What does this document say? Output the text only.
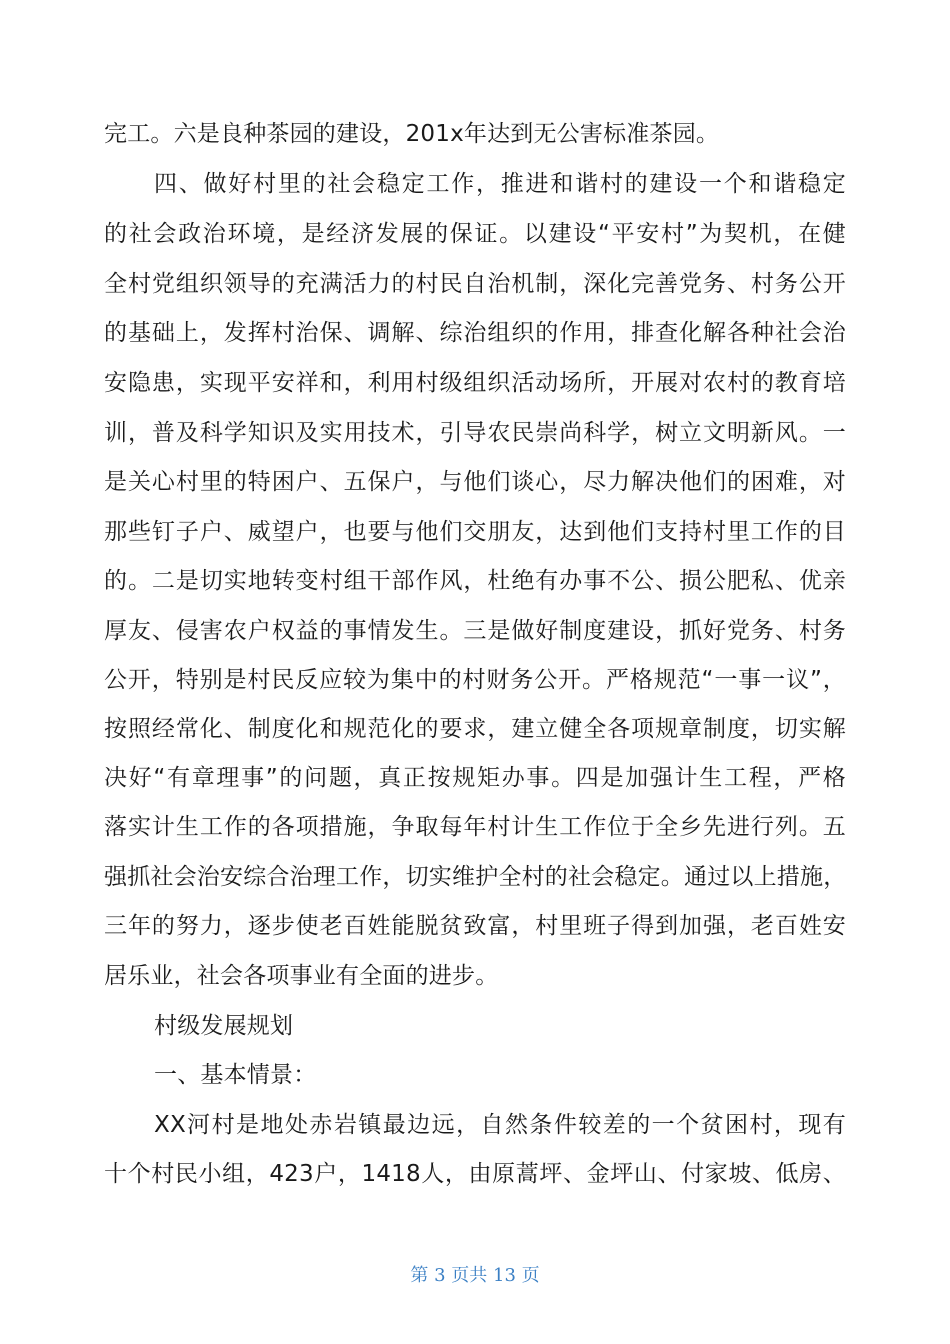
完工。六是良种茶园的建设，201x年达到无公害标准茶园。
四、做好村里的社会稳定工作，推进和谐村的建设一个和谐稳定
的社会政治环境，是经济发展的保证。以建设“平安村”为契机，在健
全村党组织领导的充满活力的村民自治机制，深化完善党务、村务公开
的基础上，发挥村治保、调解、综治组织的作用，排查化解各种社会治
安隐患，实现平安祥和，利用村级组织活动场所，开展对农村的教育培
训，普及科学知识及实用技术，引导农民崇尚科学，树立文明新风。一
是关心村里的特困户、五保户，与他们谈心，尽力解决他们的困难，对
那些钉子户、威望户，也要与他们交朋友，达到他们支持村里工作的目
的。二是切实地转变村组干部作风，杜绝有办事不公、损公肥私、优亲
厚友、侵害农户权益的事情发生。三是做好制度建设，抓好党务、村务
公开，特别是村民反应较为集中的村财务公开。严格规范“一事一议”，
按照经常化、制度化和规范化的要求，建立健全各项规章制度，切实解
决好“有章理事”的问题，真正按规矩办事。四是加强计生工程，严格
落实计生工作的各项措施，争取每年村计生工作位于全乡先进行列。五
强抓社会治安综合治理工作，切实维护全村的社会稳定。通过以上措施，
三年的努力，逐步使老百姓能脱贫致富，村里班子得到加强，老百姓安
居乐业，社会各项事业有全面的进步。
村级发展规划
一、基本情景：
XX河村是地处赤岩镇最边远，自然条件较差的一个贫困村，现有
十个村民小组，423户，1418人，由原蒿坪、金坪山、付家坡、低房、
第 3 页共 13 页
